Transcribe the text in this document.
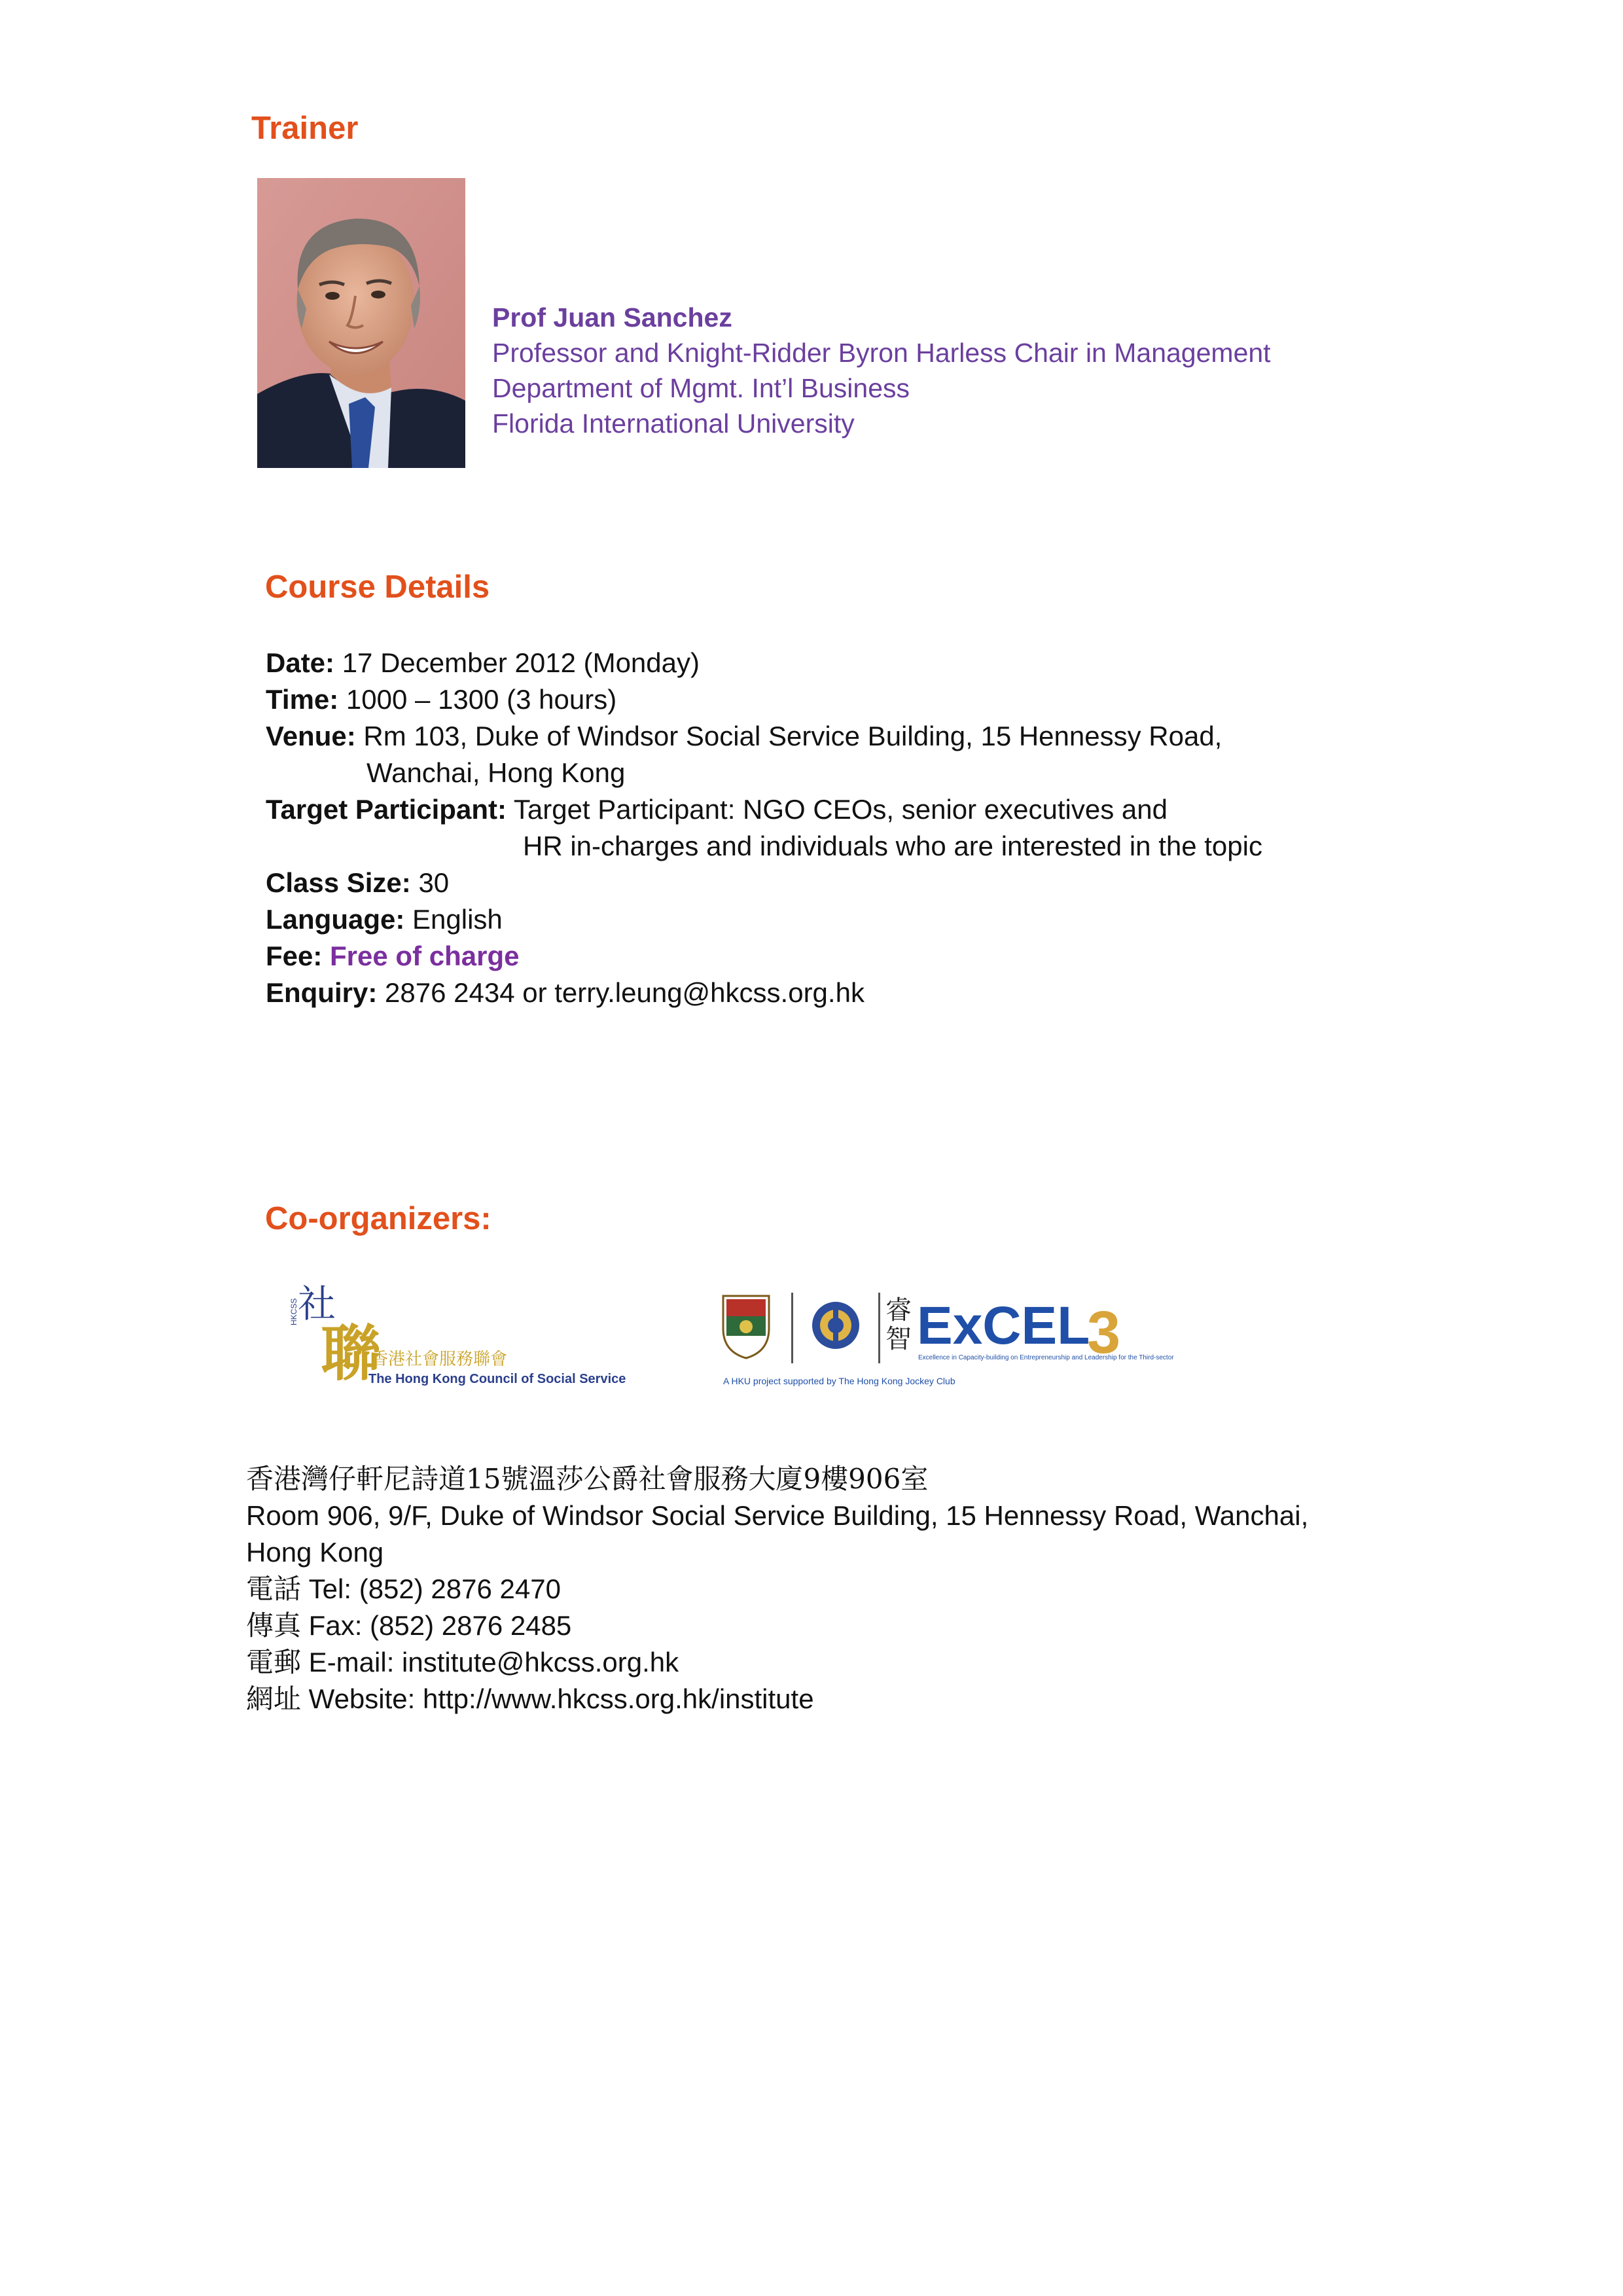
Trainer
Prof Juan Sanchez
Professor and Knight-Ridder Byron Harless Chair in Management
Department of Mgmt. Int’l Business
Florida International University
Course Details
Date: 17 December 2012 (Monday)
Time: 1000 – 1300 (3 hours)
Venue: Rm 103, Duke of Windsor Social Service Building, 15 Hennessy Road,
Wanchai, Hong Kong
Target Participant: Target Participant: NGO CEOs, senior executives and
HR in-charges and individuals who are interested in the topic
Class Size: 30
Language: English
Fee: Free of charge
Enquiry: 2876 2434 or terry.leung@hkcss.org.hk
Co-organizers:
社
HKCSS
聯
香港社會服務聯會
The Hong Kong Council of Social Service
睿
智 ExCEL
3
Excellence in Capacity-building on Entrepreneurship and Leadership for the Third-sector
A HKU project supported by The Hong Kong Jockey Club
香港灣仔軒尼詩道15號溫莎公爵社會服務大廈9樓906室
Room 906, 9/F, Duke of Windsor Social Service Building, 15 Hennessy Road, Wanchai,
Hong Kong
電話 Tel: (852) 2876 2470
傳真 Fax: (852) 2876 2485
電郵 E-mail: institute@hkcss.org.hk
網址 Website: http://www.hkcss.org.hk/institute
